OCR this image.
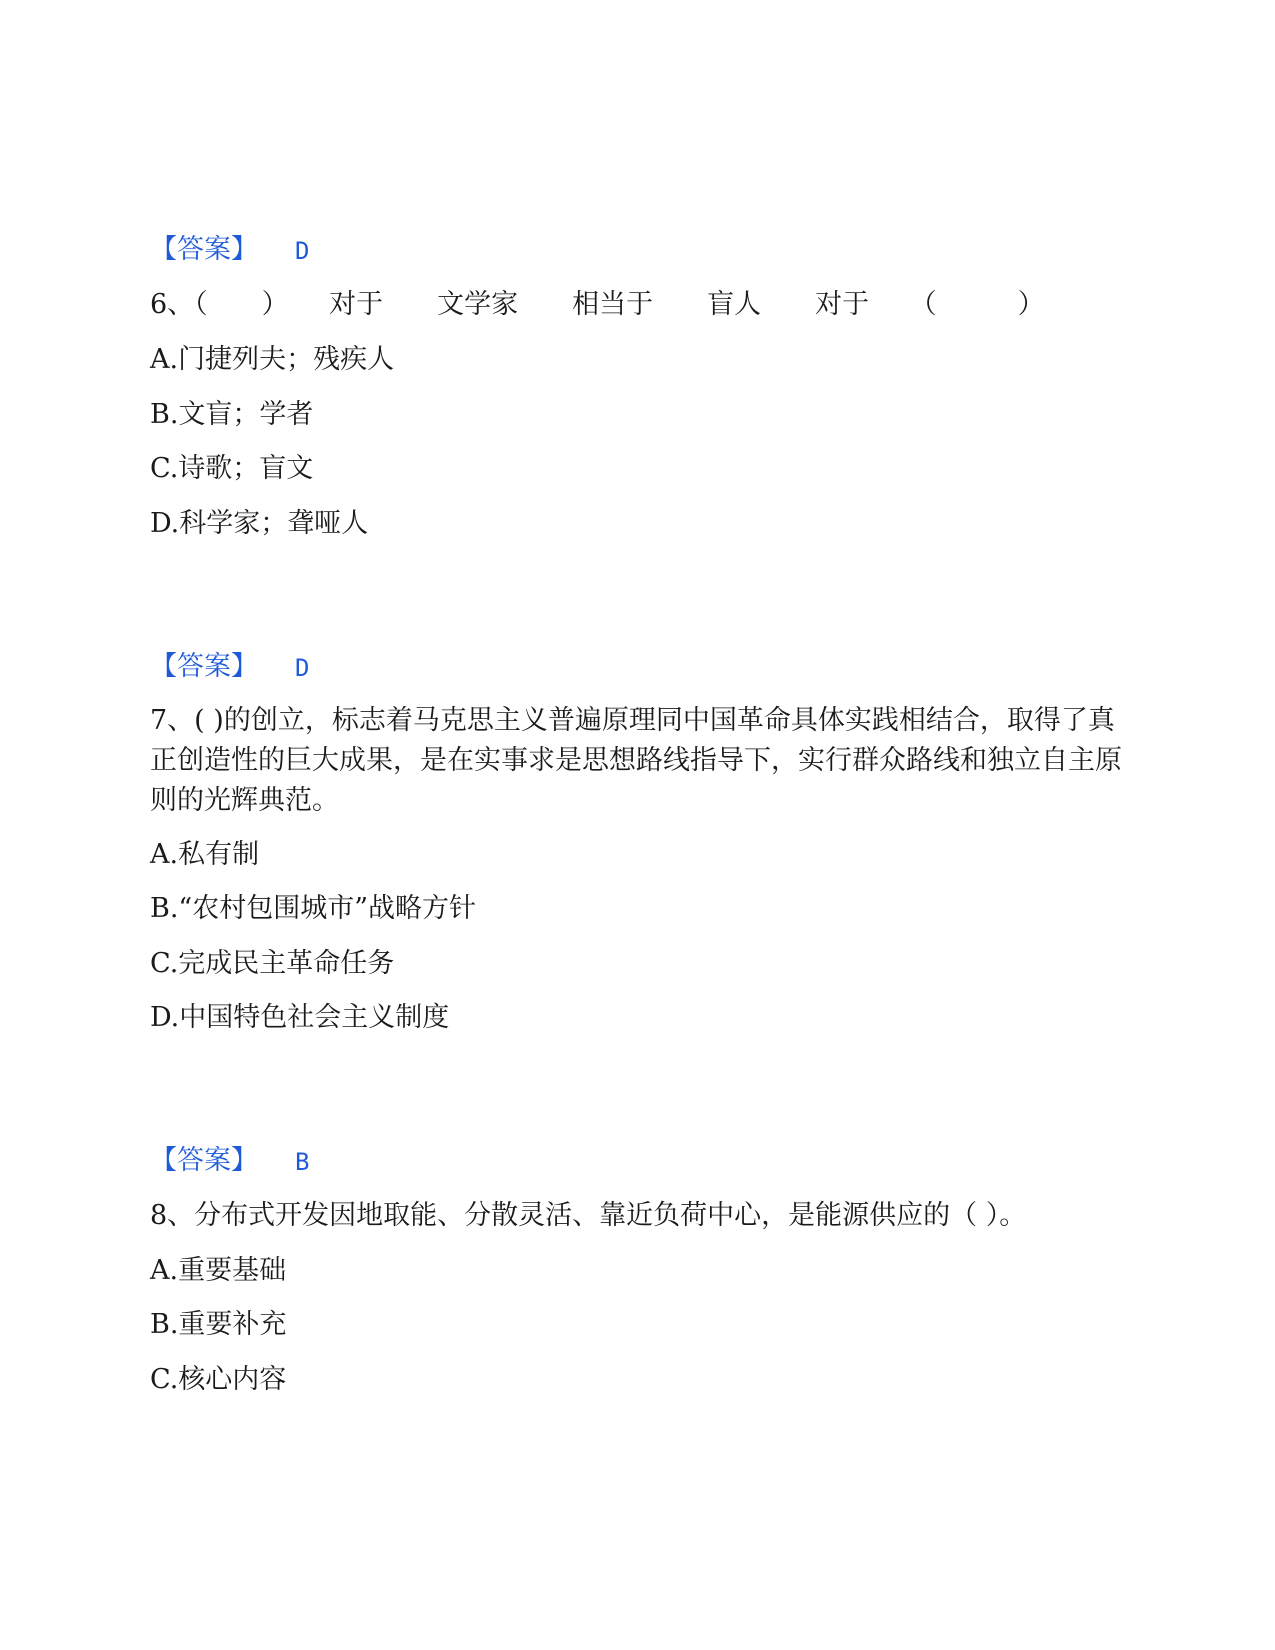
【答案】 D
6、（　　）　　对于　　文学家　　相当于　　盲人　　对于　　（　　　）
A.门捷列夫；残疾人
B.文盲；学者
C.诗歌；盲文
D.科学家；聋哑人
【答案】 D
7、( )的创立，标志着马克思主义普遍原理同中国革命具体实践相结合，取得了真正创造性的巨大成果，是在实事求是思想路线指导下，实行群众路线和独立自主原则的光辉典范。
A.私有制
B.“农村包围城市”战略方针
C.完成民主革命任务
D.中国特色社会主义制度
【答案】 B
8、分布式开发因地取能、分散灵活、靠近负荷中心，是能源供应的（ ）。
A.重要基础
B.重要补充
C.核心内容
